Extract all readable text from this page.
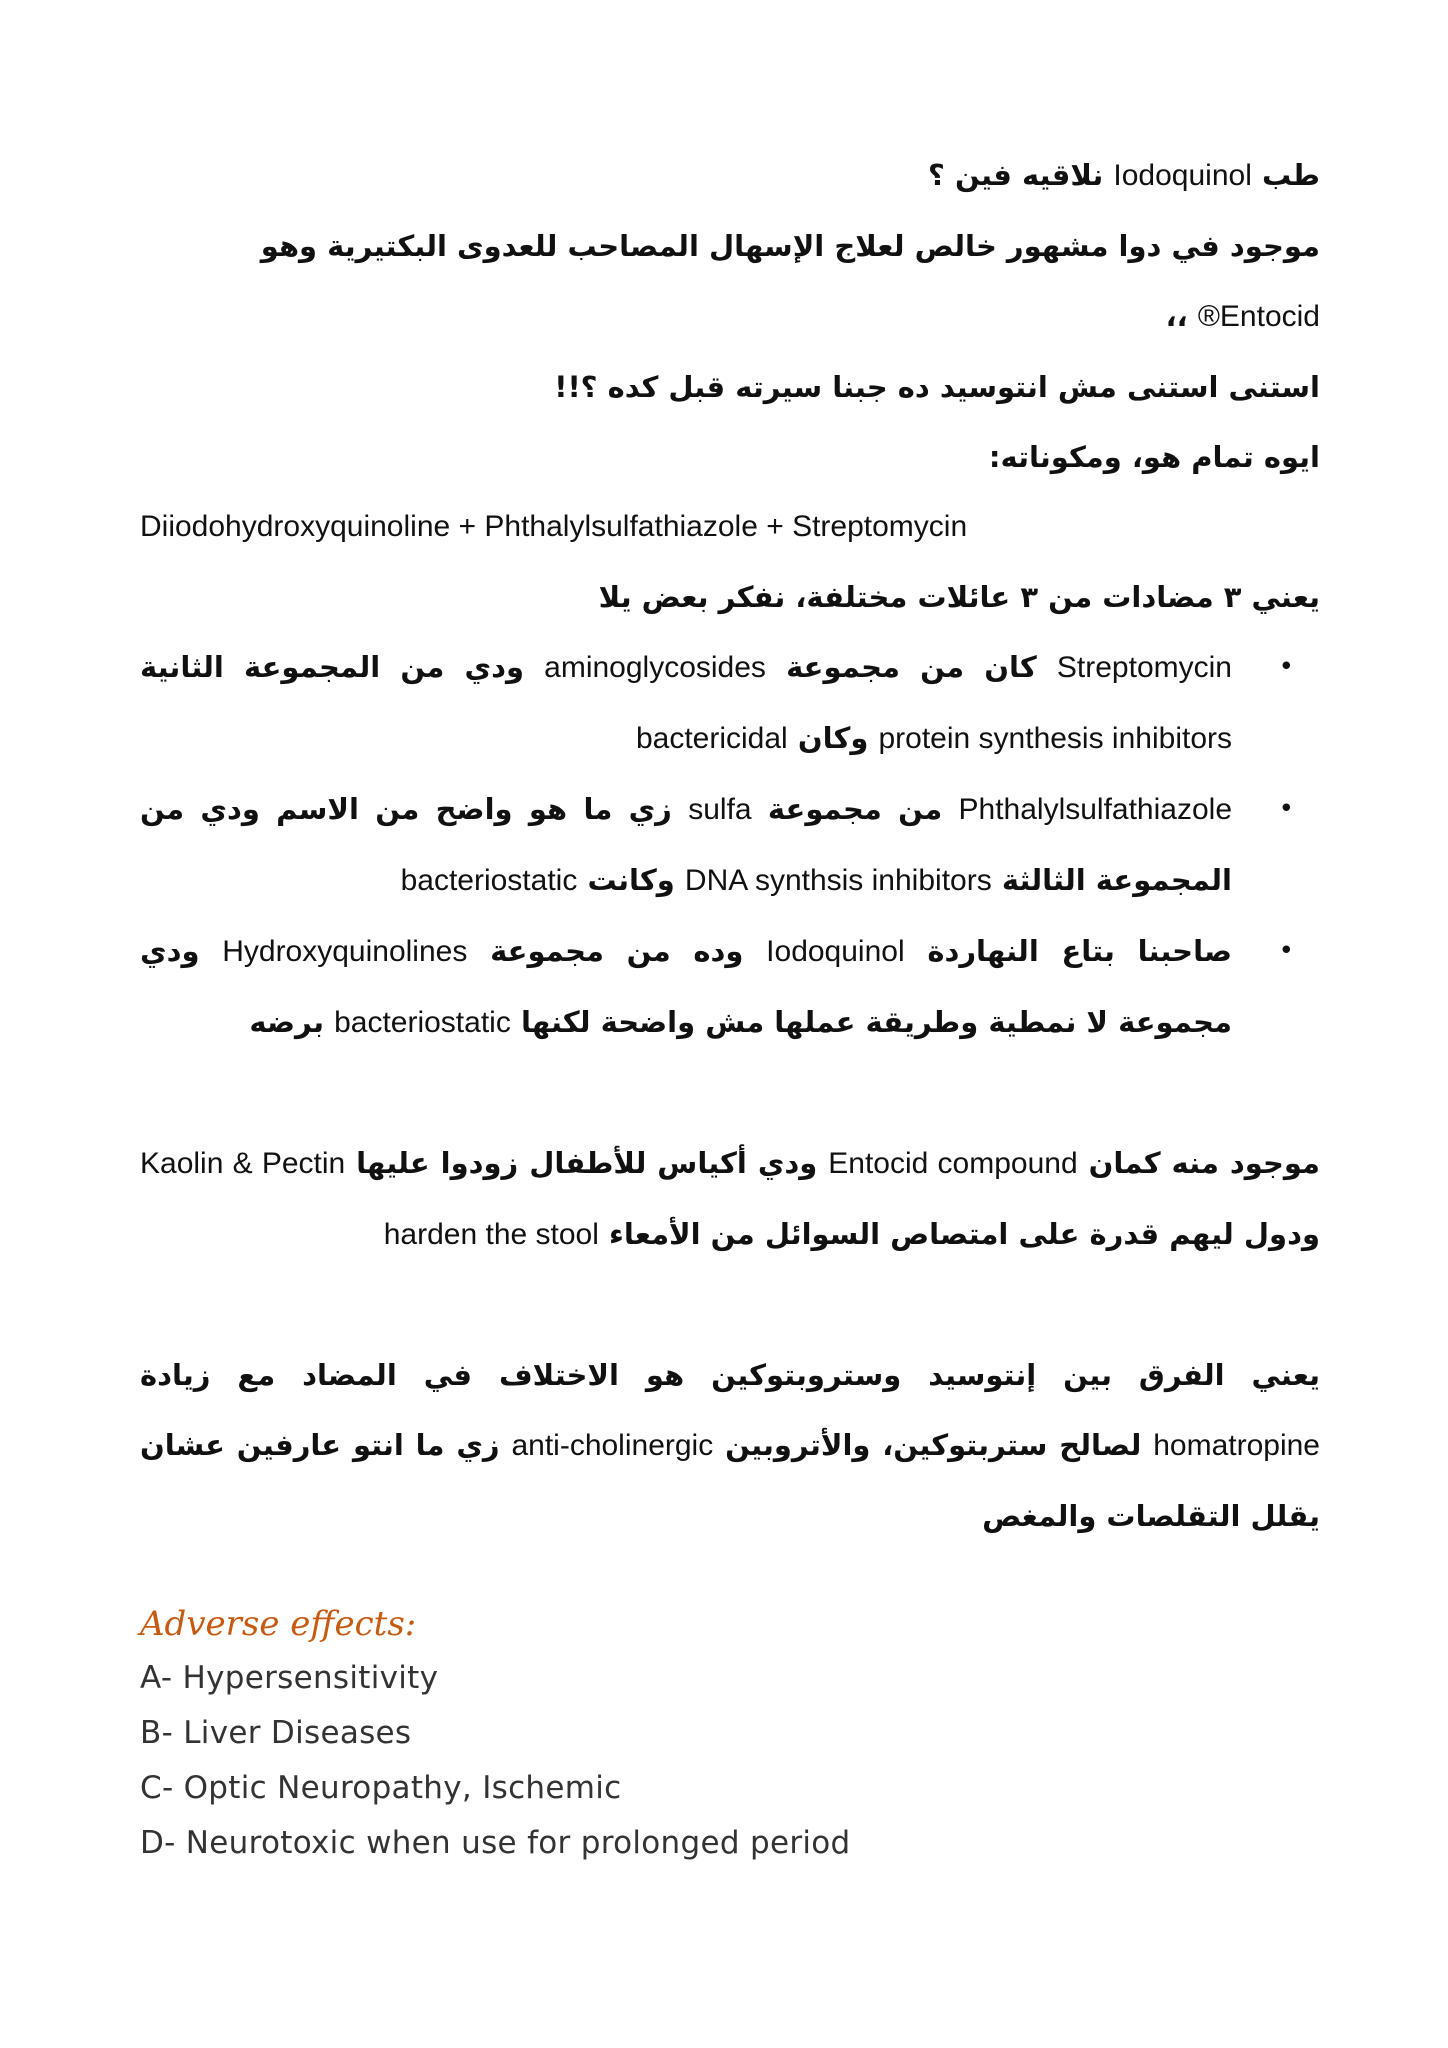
طب Iodoquinol نلاقيه فين ؟
موجود في دوا مشهور خالص لعلاج الإسهال المصاحب للعدوى البكتيرية وهو Entocid® ،،
استنى استنى مش انتوسيد ده جبنا سيرته قبل كده ؟!!
ايوه تمام هو، ومكوناته:
Diiodohydroxyquinoline + Phthalylsulfathiazole + Streptomycin
يعني ٣ مضادات من ٣ عائلات مختلفة، نفكر بعض يلا
•
Streptomycin كان من مجموعة aminoglycosides ودي من المجموعة الثانية protein synthesis inhibitors وكان bactericidal
•
Phthalylsulfathiazole من مجموعة sulfa زي ما هو واضح من الاسم ودي من المجموعة الثالثة DNA synthsis inhibitors وكانت bacteriostatic
•
صاحبنا بتاع النهاردة Iodoquinol وده من مجموعة Hydroxyquinolines ودي مجموعة لا نمطية وطريقة عملها مش واضحة لكنها bacteriostatic برضه
موجود منه كمان Entocid compound ودي أكياس للأطفال زودوا عليها Kaolin & Pectin ودول ليهم قدرة على امتصاص السوائل من الأمعاء harden the stool
يعني الفرق بين إنتوسيد وستروبتوكين هو الاختلاف في المضاد مع زيادة homatropine لصالح ستربتوكين، والأتروبين anti-cholinergic زي ما انتو عارفين عشان يقلل التقلصات والمغص
Adverse effects:
A- Hypersensitivity
B- Liver Diseases
C- Optic Neuropathy, Ischemic
D- Neurotoxic when use for prolonged period
